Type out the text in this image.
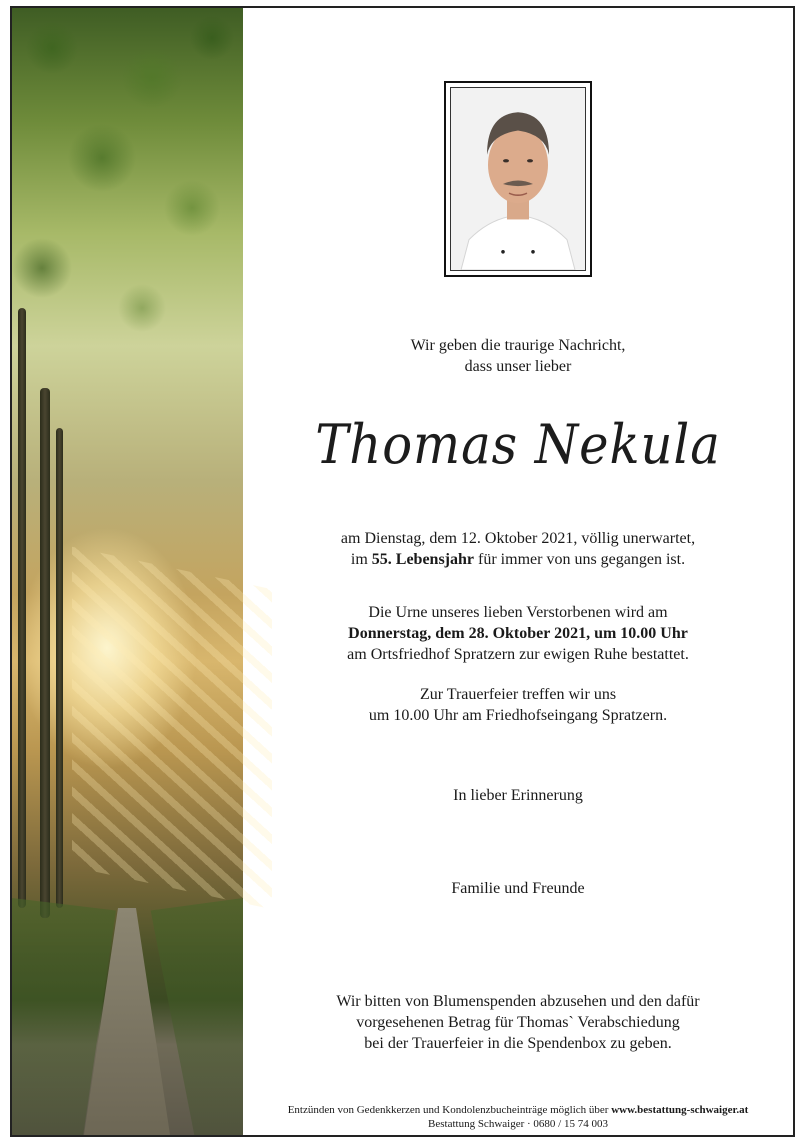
Wir geben die traurige Nachricht,
dass unser lieber
Thomas Nekula
am Dienstag, dem 12. Oktober 2021, völlig unerwartet,
im 55. Lebensjahr für immer von uns gegangen ist.
Die Urne unseres lieben Verstorbenen wird am
Donnerstag, dem 28. Oktober 2021, um 10.00 Uhr
am Ortsfriedhof Spratzern zur ewigen Ruhe bestattet.
Zur Trauerfeier treffen wir uns
um 10.00 Uhr am Friedhofseingang Spratzern.
In lieber Erinnerung
Familie und Freunde
Wir bitten von Blumenspenden abzusehen und den dafür
vorgesehenen Betrag für Thomas` Verabschiedung
bei der Trauerfeier in die Spendenbox zu geben.
Entzünden von Gedenkkerzen und Kondolenzbucheinträge möglich über www.bestattung-schwaiger.at
Bestattung Schwaiger · 0680 / 15 74 003
